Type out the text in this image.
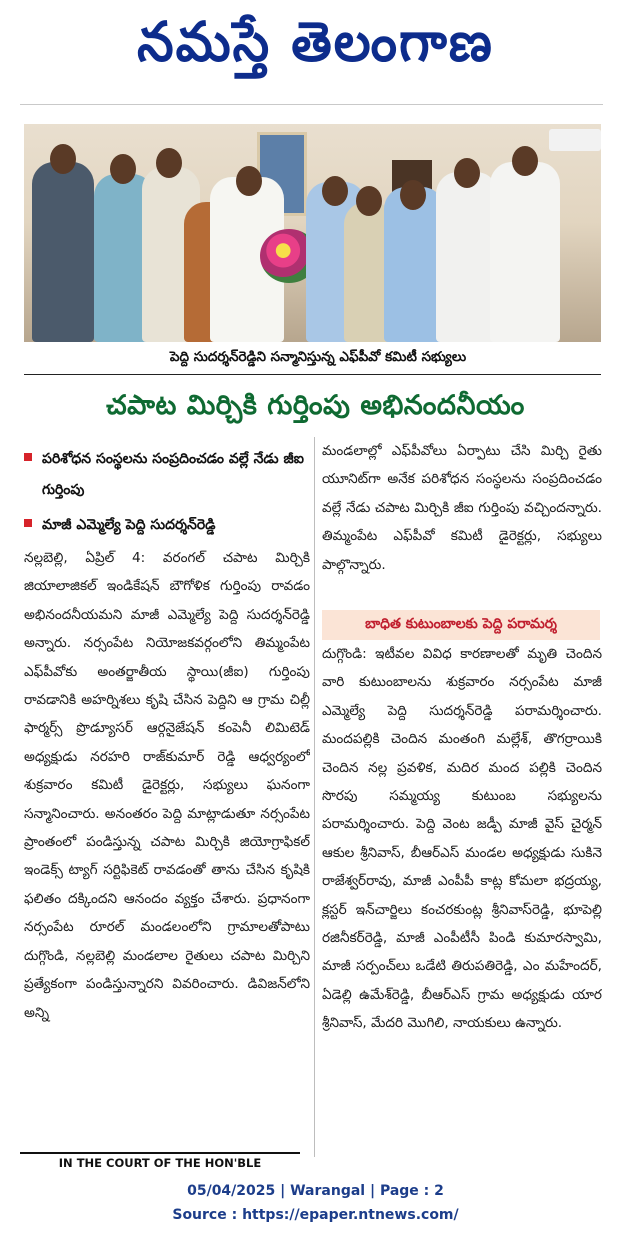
నమస్తే తెలంగాణ
పెద్ది సుదర్శన్‌రెడ్డిని సన్మానిస్తున్న ఎఫ్‌పీవో కమిటీ సభ్యులు
చపాట మిర్చికి గుర్తింపు అభినందనీయం
పరిశోధన సంస్థలను సంప్రదించడం వల్లే నేడు జీఐ గుర్తింపు
మాజీ ఎమ్మెల్యే పెద్ది సుదర్శన్‌రెడ్డి
నల్లబెల్లి, ఏప్రిల్ 4: వరంగల్ చపాట మిర్చికి జియాలాజికల్ ఇండికేషన్ బౌగోళిక గుర్తింపు రావడం అభినందనీయమని మాజీ ఎమ్మెల్యే పెద్ది సుదర్శన్‌రెడ్డి అన్నారు. నర్సంపేట నియోజకవర్గంలోని తిమ్మంపేట ఎఫ్‌పీవోకు అంతర్జాతీయ స్థాయి(జీఐ) గుర్తింపు రావడానికి అహర్నిశలు కృషి చేసిన పెద్దిని ఆ గ్రామ చిల్లీ ఫార్మర్స్ ప్రొడ్యూసర్ ఆర్గనైజేషన్ కంపెనీ లిమిటెడ్ అధ్యక్షుడు నరహరి రాజ్‌కుమార్ రెడ్డి ఆధ్వర్యంలో శుక్రవారం కమిటీ డైరెక్టర్లు, సభ్యులు ఘనంగా సన్మానించారు. అనంతరం పెద్ది మాట్లాడుతూ నర్సంపేట ప్రాంతంలో పండిస్తున్న చపాట మిర్చికి జియోగ్రాఫికల్ ఇండెక్స్ ట్యాగ్ సర్టిఫికెట్ రావడంతో తాను చేసిన కృషికి ఫలితం దక్కిందని ఆనందం వ్యక్తం చేశారు. ప్రధానంగా నర్సంపేట రూరల్ మండలంలోని గ్రామాలతోపాటు దుగ్గొండి, నల్లబెల్లి మండలాల రైతులు చపాట మిర్చిని ప్రత్యేకంగా పండిస్తున్నారని వివరించారు. డివిజన్‌లోని అన్ని
మండలాల్లో ఎఫ్‌పీవోలు ఏర్పాటు చేసి మిర్చి రైతు యూనిట్‌గా అనేక పరిశోధన సంస్థలను సంప్రదించడం వల్లే నేడు చపాట మిర్చికి జీఐ గుర్తింపు వచ్చిందన్నారు. తిమ్మంపేట ఎఫ్‌పీవో కమిటీ డైరెక్టర్లు, సభ్యులు పాల్గొన్నారు.
బాధిత కుటుంబాలకు పెద్ది పరామర్శ
దుగ్గొండి: ఇటీవల వివిధ కారణాలతో మృతి చెందిన వారి కుటుంబాలను శుక్రవారం నర్సంపేట మాజీ ఎమ్మెల్యే పెద్ది సుదర్శన్‌రెడ్డి పరామర్శించారు. మందపల్లికి చెందిన మంతంగి మల్లేశ్, తొగర్రాయికి చెందిన నల్ల ప్రవళిక, మదిర మంద పల్లికి చెందిన సొరపు సమ్మయ్య కుటుంబ సభ్యులను పరామర్శించారు. పెద్ది వెంట జడ్పీ మాజీ వైస్ చైర్మన్ ఆకుల శ్రీనివాస్, బీఆర్‌ఎస్ మండల అధ్యక్షుడు సుకినె రాజేశ్వర్‌రావు, మాజీ ఎంపీపీ కాట్ల కోమలా భద్రయ్య, క్లస్టర్ ఇన్‌చార్జిలు కంచరకుంట్ల శ్రీనివాస్‌రెడ్డి, భూపెల్లి రజినీకర్‌రెడ్డి, మాజీ ఎంపీటీసీ పిండి కుమారస్వామి, మాజీ సర్పంచ్‌లు ఒడేటి తిరుపతిరెడ్డి, ఎం మహేందర్, ఏడెల్లి ఉమేశ్‌రెడ్డి, బీఆర్‌ఎస్ గ్రామ అధ్యక్షుడు యార శ్రీనివాస్, మేదరి మొగిలి, నాయకులు ఉన్నారు.
IN THE COURT OF THE HON'BLE
05/04/2025 | Warangal | Page : 2
Source : https://epaper.ntnews.com/
